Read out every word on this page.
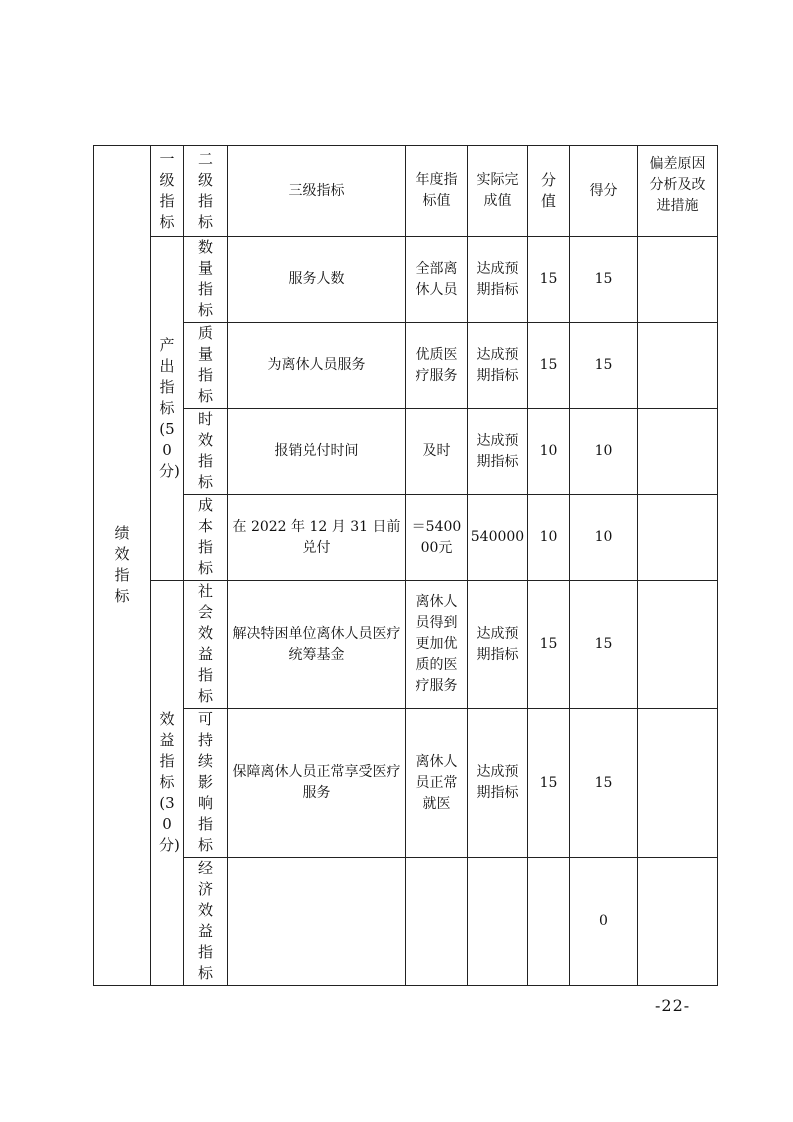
绩效指标	一级指标	二级指标	三级指标	年度指标值	实际完成值	分值	得分	偏差原因分析及改进措施
	产出指标(50分)	数量指标	服务人数	全部离休人员	达成预期指标	15	15	
		质量指标	为离休人员服务	优质医疗服务	达成预期指标	15	15	
		时效指标	报销兑付时间	及时	达成预期指标	10	10	
		成本指标	在 2022 年 12 月 31 日前兑付	＝540000元	540000	10	10	
	效益指标(30分)	社会效益指标	解决特困单位离休人员医疗统筹基金	离休人员得到更加优质的医疗服务	达成预期指标	15	15	
		可持续影响指标	保障离休人员正常享受医疗服务	离休人员正常就医	达成预期指标	15	15	
		经济效益指标					0	
-22-
